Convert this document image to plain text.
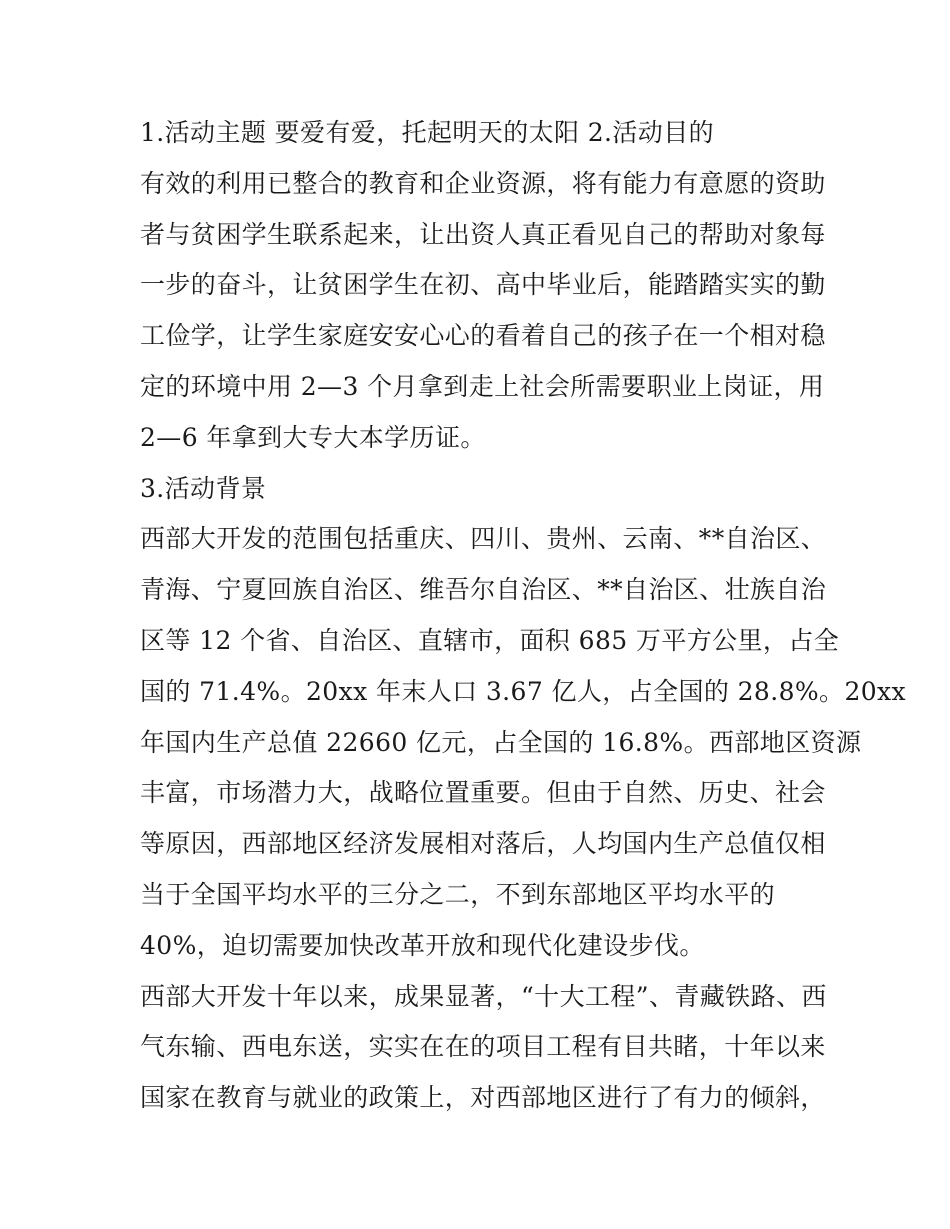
1.活动主题 要爱有爱，托起明天的太阳 2.活动目的
有效的利用已整合的教育和企业资源，将有能力有意愿的资助
者与贫困学生联系起来，让出资人真正看见自己的帮助对象每
一步的奋斗，让贫困学生在初、高中毕业后，能踏踏实实的勤
工俭学，让学生家庭安安心心的看着自己的孩子在一个相对稳
定的环境中用 2—3 个月拿到走上社会所需要职业上岗证，用
2—6 年拿到大专大本学历证。
3.活动背景
西部大开发的范围包括重庆、四川、贵州、云南、**自治区、
青海、宁夏回族自治区、维吾尔自治区、**自治区、壮族自治
区等 12 个省、自治区、直辖市，面积 685 万平方公里，占全
国的 71.4%。20xx 年末人口 3.67 亿人，占全国的 28.8%。20xx
年国内生产总值 22660 亿元，占全国的 16.8%。西部地区资源
丰富，市场潜力大，战略位置重要。但由于自然、历史、社会
等原因，西部地区经济发展相对落后，人均国内生产总值仅相
当于全国平均水平的三分之二，不到东部地区平均水平的
40%，迫切需要加快改革开放和现代化建设步伐。
西部大开发十年以来，成果显著，“十大工程”、青藏铁路、西
气东输、西电东送，实实在在的项目工程有目共睹，十年以来
国家在教育与就业的政策上，对西部地区进行了有力的倾斜，
